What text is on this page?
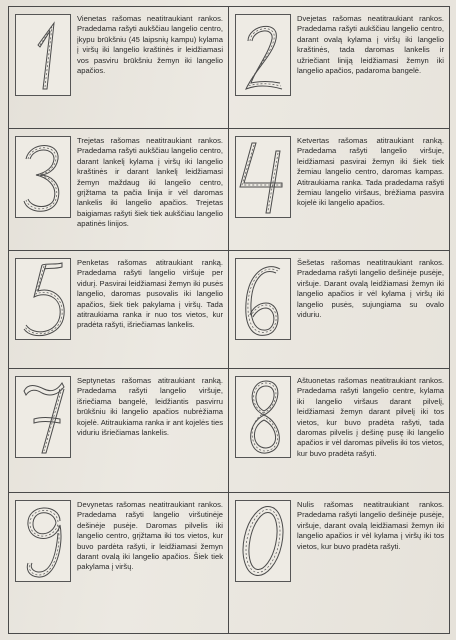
Vienetas rašomas neatitraukiant rankos. Pradedama rašyti aukščiau langelio centro, įkypu brūkšniu (45 laipsnių kampu) kylama į viršų iki langelio kraštinės ir leidžiamasi vos pasviru brūkšniu žemyn iki langelio apačios.
Dvejetas rašomas neatitraukiant rankos. Pradedama rašyti aukščiau langelio centro, darant ovalą kylama į viršų iki langelio kraštinės, tada daromas lankelis ir užriečiant liniją leidžiamasi žemyn iki langelio apačios, padaroma bangelė.
Trejetas rašomas neatitraukiant rankos. Pradedama rašyti aukščiau langelio centro, darant lankelį kylama į viršų iki langelio kraštinės ir darant lankelį leidžiamasi žemyn maždaug iki langelio centro, grįžtama ta pačia linija ir vėl daromas lankelis iki langelio apačios. Trejetas baigiamas rašyti šiek tiek aukščiau langelio apatinės linijos.
Ketvertas rašomas atitraukiant ranką. Pradedama rašyti langelio viršuje, leidžiamasi pasvirai žemyn iki šiek tiek žemiau langelio centro, daromas kampas. Atitraukiama ranka. Tada pradedama rašyti žemiau langelio viršaus, brėžiama pasvira kojelė iki langelio apačios.
Penketas rašomas atitraukiant ranką. Pradedama rašyti langelio viršuje per vidurį. Pasvirai leidžiamasi žemyn iki pusės langelio, daromas pusovalis iki langelio apačios, šiek tiek pakylama į viršų. Tada atitraukiama ranka ir nuo tos vietos, kur pradėta rašyti, išriečiamas lankelis.
Šešetas rašomas neatitraukiant rankos. Pradedama rašyti langelio dešinėje pusėje, viršuje. Darant ovalą leidžiamasi žemyn iki langelio apačios ir vėl kylama į viršų iki langelio pusės, sujungiama su ovalo viduriu.
Septynetas rašomas atitraukiant ranką. Pradedama rašyti langelio viršuje, išriečiama bangelė, leidžiantis pasvirru brūkšniu iki langelio apačios nubrėžiama kojelė. Atitraukiama ranka ir ant kojelės ties viduriu išriečiamas lankelis.
Aštuonetas rašomas neatitraukiant rankos. Pradedama rašyti langelio centre, kylama iki langelio viršaus darant pilvelį, leidžiamasi žemyn darant pilvelį iki tos vietos, kur buvo pradėta rašyti, tada daromas pilvelis į dešinę pusę iki langelio apačios ir vėl daromas pilvelis iki tos vietos, kur buvo pradėta rašyti.
Devynetas rašomas neatitraukiant rankos. Pradedama rašyti langelio viršutinėje dešinėje pusėje. Daromas pilvelis iki langelio centro, grįžtama iki tos vietos, kur buvo pardėta rašyti, ir leidžiamasi žemyn darant ovalą iki langelio apačios. Šiek tiek pakylama į viršų.
Nulis rašomas neatitraukiant rankos. Pradedama rašyti langelio dešinėje pusėje, viršuje, darant ovalą leidžiamasi žemyn iki langelio apačios ir vėl kylama į viršų iki tos vietos, kur buvo pradėta rašyti.
